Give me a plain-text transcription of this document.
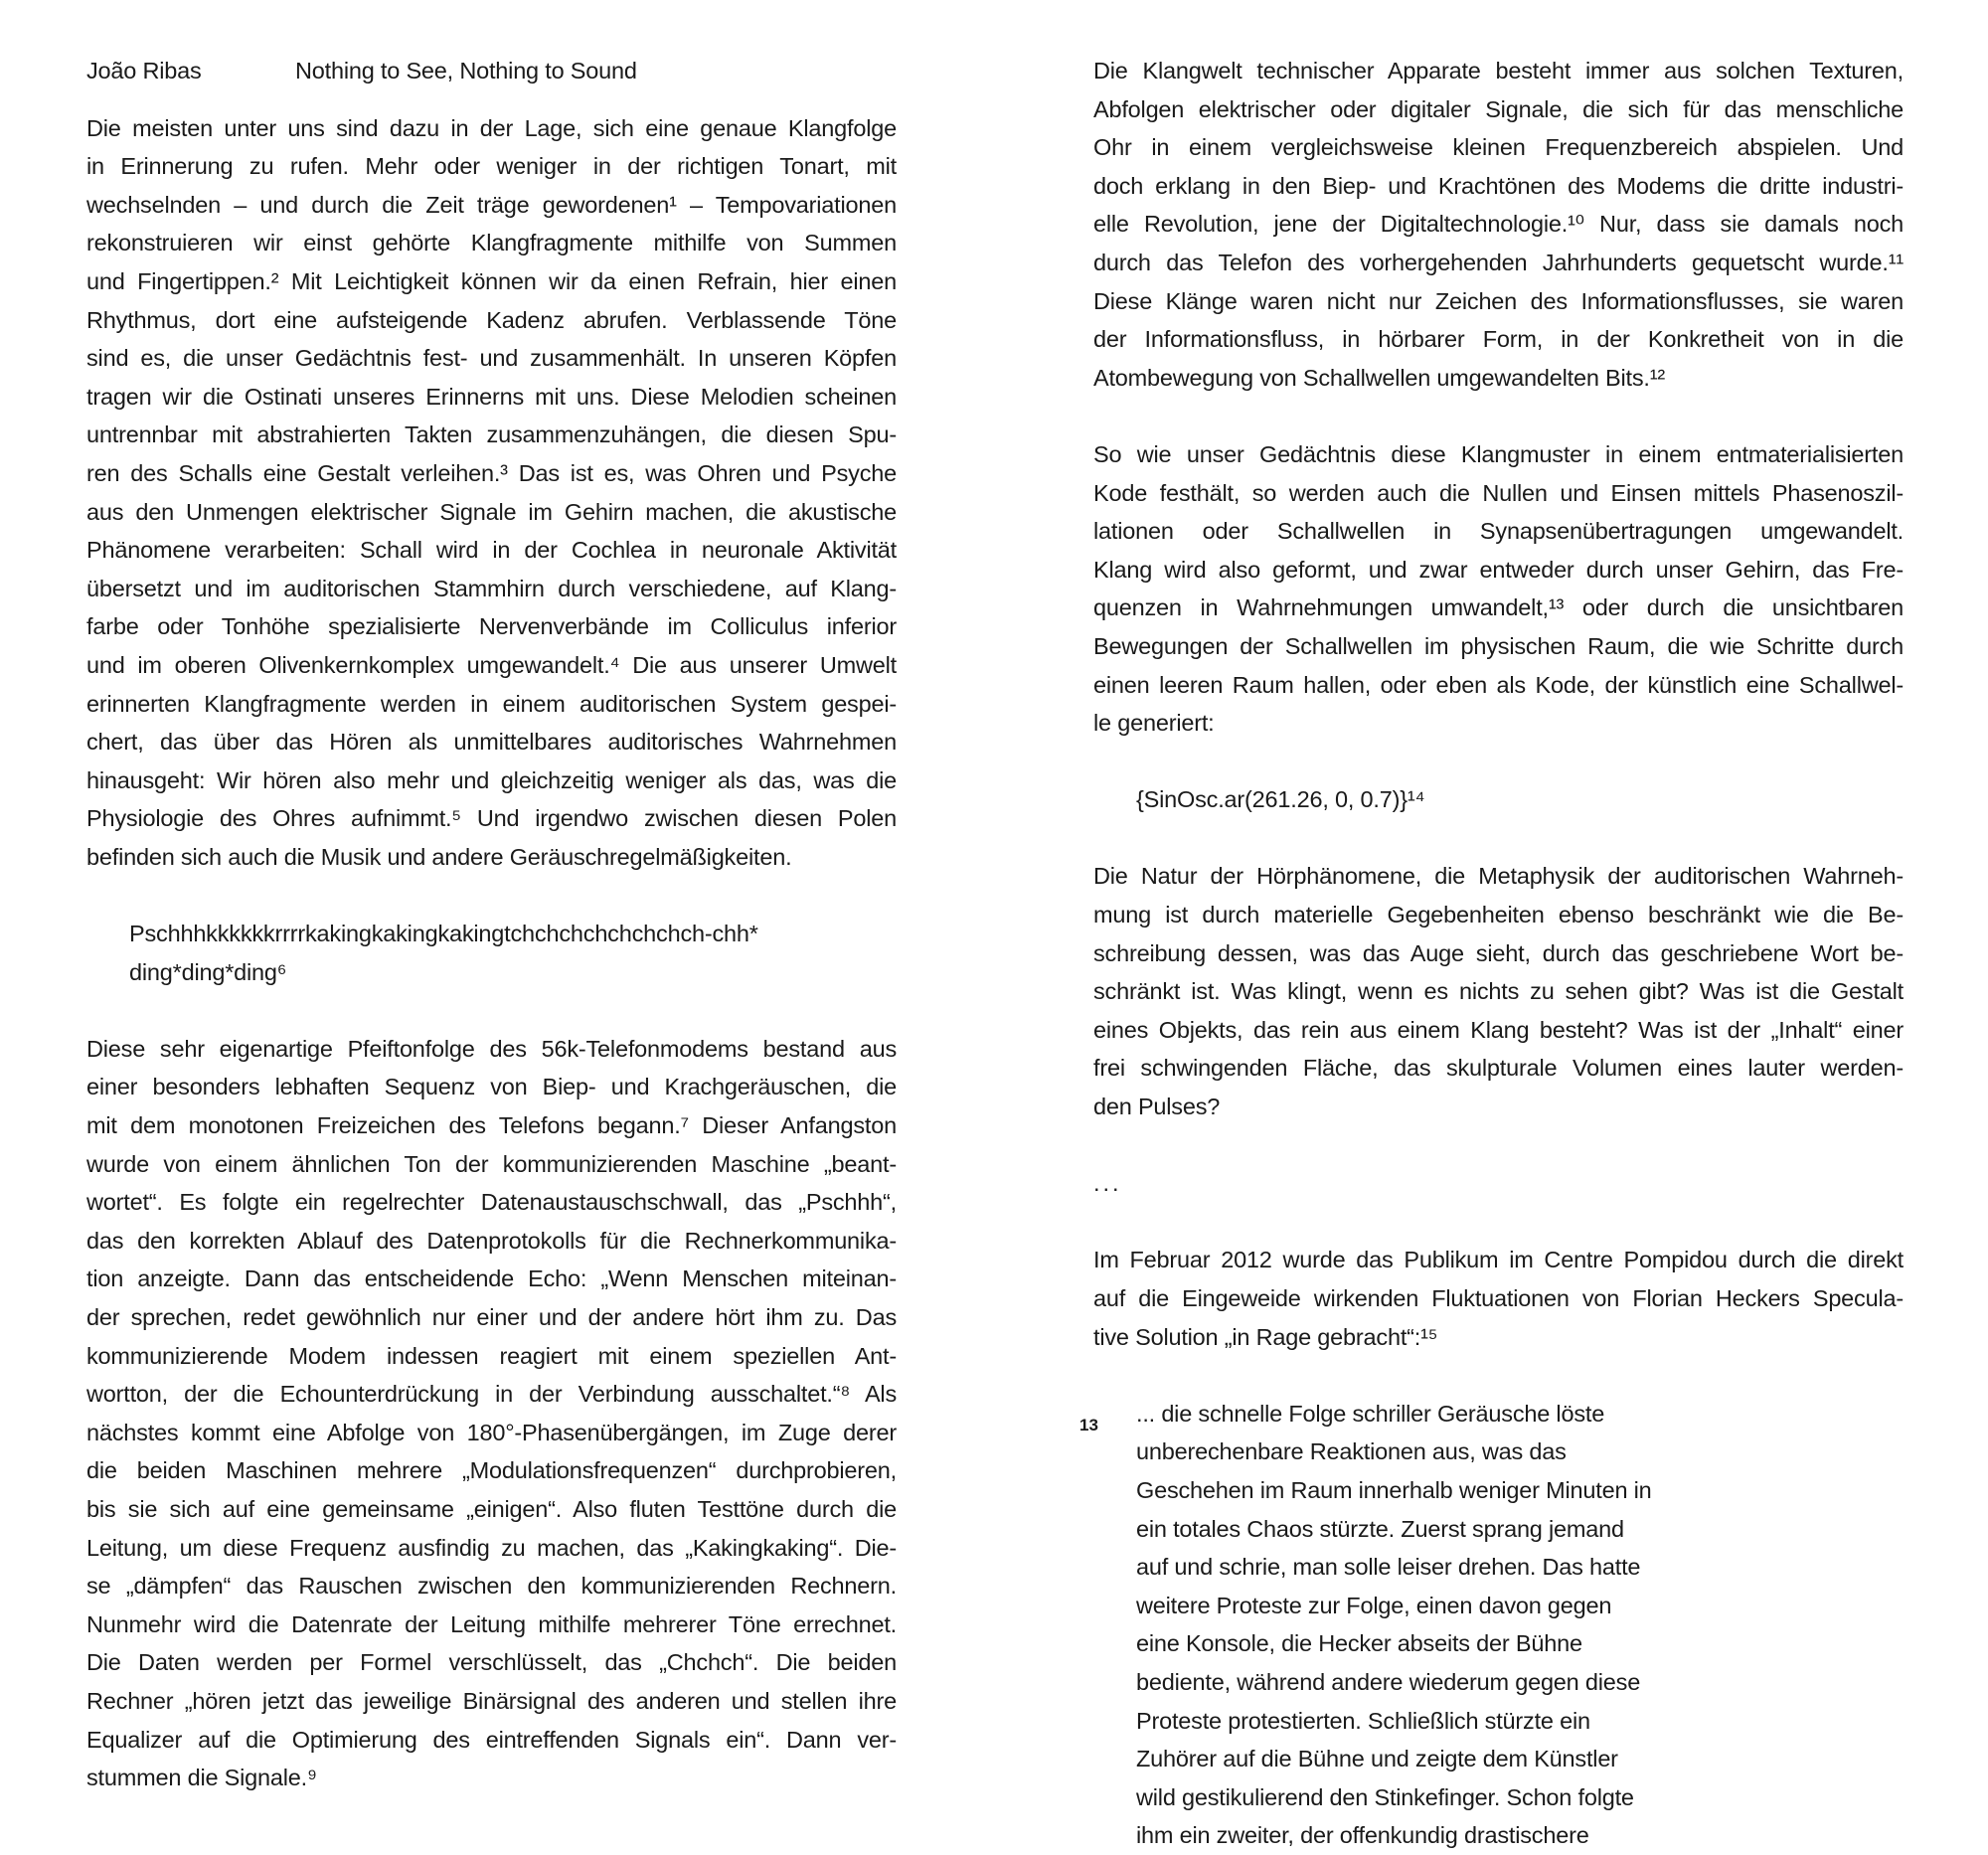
João Ribas	Nothing to See, Nothing to Sound
Die meisten unter uns sind dazu in der Lage, sich eine genaue Klangfolge
in Erinnerung zu rufen. Mehr oder weniger in der richtigen Tonart, mit
wechselnden – und durch die Zeit träge gewordenen¹ – Tempovariationen
rekonstruieren wir einst gehörte Klangfragmente mithilfe von Summen
und Fingertippen.² Mit Leichtigkeit können wir da einen Refrain, hier einen
Rhythmus, dort eine aufsteigende Kadenz abrufen. Verblassende Töne
sind es, die unser Gedächtnis fest- und zusammenhält. In unseren Köpfen
tragen wir die Ostinati unseres Erinnerns mit uns. Diese Melodien scheinen
untrennbar mit abstrahierten Takten zusammenzuhängen, die diesen Spu-
ren des Schalls eine Gestalt verleihen.³ Das ist es, was Ohren und Psyche
aus den Unmengen elektrischer Signale im Gehirn machen, die akustische
Phänomene verarbeiten: Schall wird in der Cochlea in neuronale Aktivität
übersetzt und im auditorischen Stammhirn durch verschiedene, auf Klang-
farbe oder Tonhöhe spezialisierte Nervenverbände im Colliculus inferior
und im oberen Olivenkernkomplex umgewandelt.⁴ Die aus unserer Umwelt
erinnerten Klangfragmente werden in einem auditorischen System gespei-
chert, das über das Hören als unmittelbares auditorisches Wahrnehmen
hinausgeht: Wir hören also mehr und gleichzeitig weniger als das, was die
Physiologie des Ohres aufnimmt.⁵ Und irgendwo zwischen diesen Polen
befinden sich auch die Musik und andere Geräuschregelmäßigkeiten.
Pschhhkkkkkkrrrrkakingkakingkakingtchchchchchchchch-chh*
ding*ding*ding⁶
Diese sehr eigenartige Pfeiftonfolge des 56k-Telefonmodems bestand aus
einer besonders lebhaften Sequenz von Biep- und Krachgeräuschen, die
mit dem monotonen Freizeichen des Telefons begann.⁷ Dieser Anfangston
wurde von einem ähnlichen Ton der kommunizierenden Maschine „beant-
wortet“. Es folgte ein regelrechter Datenaustauschschwall, das „Pschhh“,
das den korrekten Ablauf des Datenprotokolls für die Rechnerkommunika-
tion anzeigte. Dann das entscheidende Echo: „Wenn Menschen miteinan-
der sprechen, redet gewöhnlich nur einer und der andere hört ihm zu. Das
kommunizierende Modem indessen reagiert mit einem speziellen Ant-
wortton, der die Echounterdrückung in der Verbindung ausschaltet.“⁸ Als
nächstes kommt eine Abfolge von 180°-Phasenübergängen, im Zuge derer
die beiden Maschinen mehrere „Modulationsfrequenzen“ durchprobieren,
bis sie sich auf eine gemeinsame „einigen“. Also fluten Testtöne durch die
Leitung, um diese Frequenz ausfindig zu machen, das „Kakingkaking“. Die-
se „dämpfen“ das Rauschen zwischen den kommunizierenden Rechnern.
Nunmehr wird die Datenrate der Leitung mithilfe mehrerer Töne errechnet.
Die Daten werden per Formel verschlüsselt, das „Chchch“. Die beiden
Rechner „hören jetzt das jeweilige Binärsignal des anderen und stellen ihre
Equalizer auf die Optimierung des eintreffenden Signals ein“. Dann ver-
stummen die Signale.⁹
Die Klangwelt technischer Apparate besteht immer aus solchen Texturen,
Abfolgen elektrischer oder digitaler Signale, die sich für das menschliche
Ohr in einem vergleichsweise kleinen Frequenzbereich abspielen. Und
doch erklang in den Biep- und Krachtönen des Modems die dritte industri-
elle Revolution, jene der Digitaltechnologie.¹⁰ Nur, dass sie damals noch
durch das Telefon des vorhergehenden Jahrhunderts gequetscht wurde.¹¹
Diese Klänge waren nicht nur Zeichen des Informationsflusses, sie waren
der Informationsfluss, in hörbarer Form, in der Konkretheit von in die
Atombewegung von Schallwellen umgewandelten Bits.¹²
So wie unser Gedächtnis diese Klangmuster in einem entmaterialisierten
Kode festhält, so werden auch die Nullen und Einsen mittels Phasenoszil-
lationen oder Schallwellen in Synapsenübertragungen umgewandelt.
Klang wird also geformt, und zwar entweder durch unser Gehirn, das Fre-
quenzen in Wahrnehmungen umwandelt,¹³ oder durch die unsichtbaren
Bewegungen der Schallwellen im physischen Raum, die wie Schritte durch
einen leeren Raum hallen, oder eben als Kode, der künstlich eine Schallwel-
le generiert:
{SinOsc.ar(261.26, 0, 0.7)}¹⁴
Die Natur der Hörphänomene, die Metaphysik der auditorischen Wahrneh-
mung ist durch materielle Gegebenheiten ebenso beschränkt wie die Be-
schreibung dessen, was das Auge sieht, durch das geschriebene Wort be-
schränkt ist. Was klingt, wenn es nichts zu sehen gibt? Was ist die Gestalt
eines Objekts, das rein aus einem Klang besteht? Was ist der „Inhalt“ einer
frei schwingenden Fläche, das skulpturale Volumen eines lauter werden-
den Pulses?
...
Im Februar 2012 wurde das Publikum im Centre Pompidou durch die direkt
auf die Eingeweide wirkenden Fluktuationen von Florian Heckers Specula-
tive Solution „in Rage gebracht“:¹⁵
... die schnelle Folge schriller Geräusche löste
unberechenbare Reaktionen aus, was das
Geschehen im Raum innerhalb weniger Minuten in
ein totales Chaos stürzte. Zuerst sprang jemand
auf und schrie, man solle leiser drehen. Das hatte
weitere Proteste zur Folge, einen davon gegen
eine Konsole, die Hecker abseits der Bühne
bediente, während andere wiederum gegen diese
Proteste protestierten. Schließlich stürzte ein
Zuhörer auf die Bühne und zeigte dem Künstler
wild gestikulierend den Stinkefinger. Schon folgte
ihm ein zweiter, der offenkundig drastischere
13
